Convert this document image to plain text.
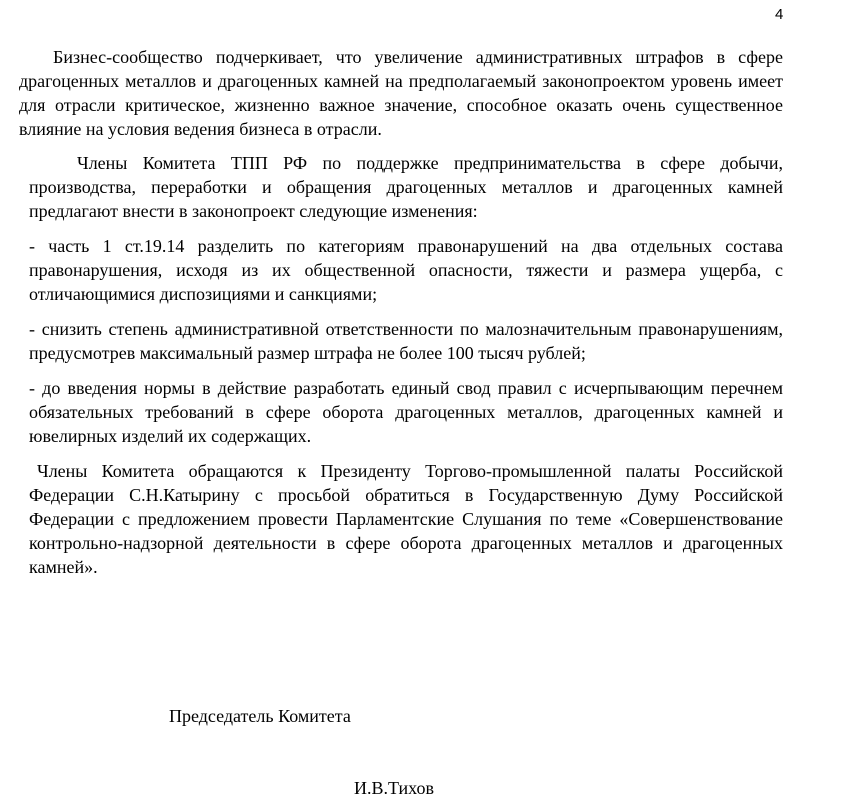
4

Бизнес-сообщество подчеркивает, что увеличение административных штрафов в сфере драгоценных металлов и драгоценных камней на предполагаемый законопроектом уровень имеет для отрасли критическое, жизненно важное значение, способное оказать очень существенное влияние на условия ведения бизнеса в отрасли.

Члены Комитета ТПП РФ по поддержке предпринимательства в сфере добычи, производства, переработки и обращения драгоценных металлов и драгоценных камней предлагают внести в законопроект следующие изменения:

- часть 1 ст.19.14 разделить по категориям правонарушений на два отдельных состава правонарушения, исходя из их общественной опасности, тяжести и размера ущерба, с отличающимися диспозициями и санкциями;

- снизить степень административной ответственности по малозначительным правонарушениям, предусмотрев максимальный размер штрафа не более 100 тысяч рублей;

- до введения нормы в действие разработать единый свод правил с исчерпывающим перечнем обязательных требований в сфере оборота драгоценных металлов, драгоценных камней и ювелирных изделий их содержащих.

Члены Комитета обращаются к Президенту Торгово-промышленной палаты Российской Федерации С.Н.Катырину с просьбой обратиться в Государственную Думу Российской Федерации с предложением провести Парламентские Слушания по теме «Совершенствование контрольно-надзорной деятельности в сфере оборота драгоценных металлов и драгоценных камней».

Председатель Комитета
И.В.Тихов
